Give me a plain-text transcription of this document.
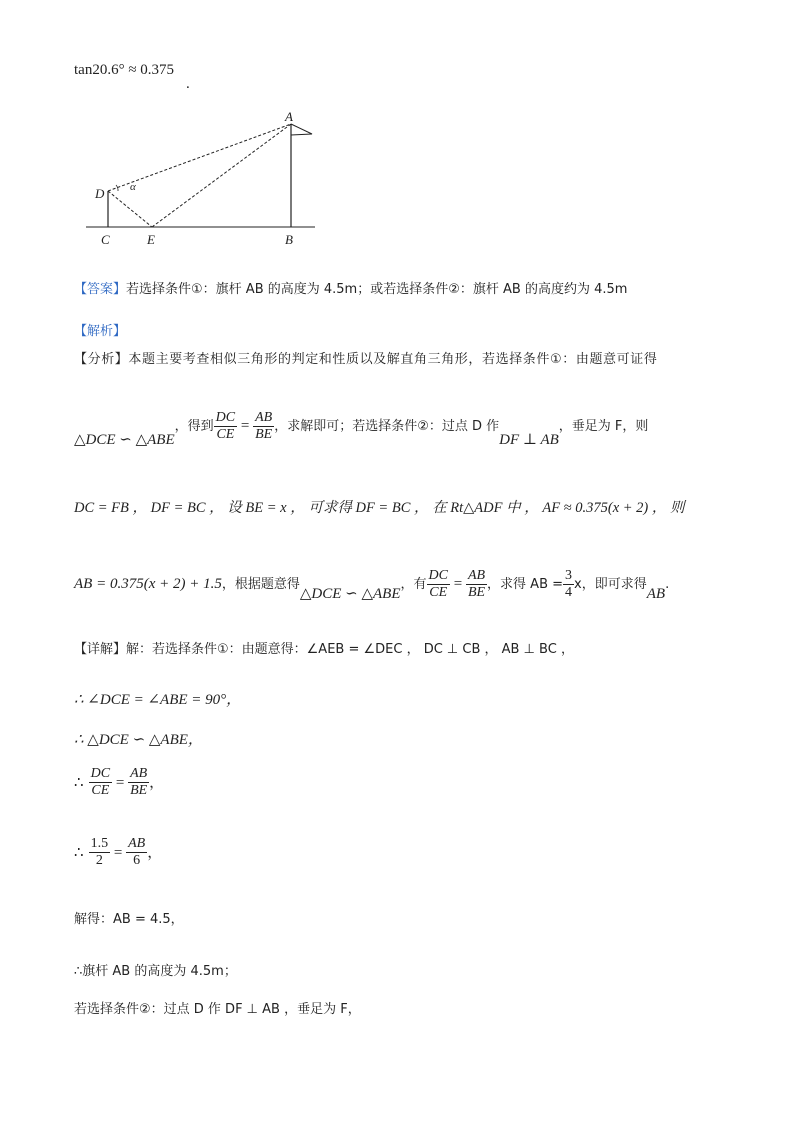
tan20.6° ≈ 0.375
.
A
D α
C	E	B
【答案】若选择条件①：旗杆 AB 的高度为 4.5m；或若选择条件②：旗杆 AB 的高度约为 4.5m
【解析】
【分析】本题主要考查相似三角形的判定和性质以及解直角三角形，若选择条件①：由题意可证得
△DCE ∽ △ABE，得到 $\frac{DC}{CE} = \frac{AB}{BE}$ ，求解即可；若选择条件②：过点 D 作DF ⊥ AB，垂足为 F，则
DC = FB ， DF = BC ， 设 BE = x ， 可求得 DF = BC ， 在 Rt△ADF 中 ， AF ≈ 0.375(x + 2) ， 则
AB = 0.375(x + 2) + 1.5，根据题意得△DCE ∽ △ABE，有 $\frac{DC}{CE} = \frac{AB}{BE}$ ，求得 AB = $\frac{3}{4}$ x，即可求得AB.
【详解】解：若选择条件①：由题意得：∠AEB = ∠DEC ， DC ⊥ CB ， AB ⊥ BC ，
∴ ∠DCE = ∠ABE = 90°，
∴ △DCE ∽ △ABE，
∴ $\frac{DC}{CE} = \frac{AB}{BE}$ ，
∴ $\frac{1.5}{2} = \frac{AB}{6}$ ，
解得：AB = 4.5，
∴旗杆 AB 的高度为 4.5m；
若选择条件②：过点 D 作 DF ⊥ AB ，垂足为 F，
